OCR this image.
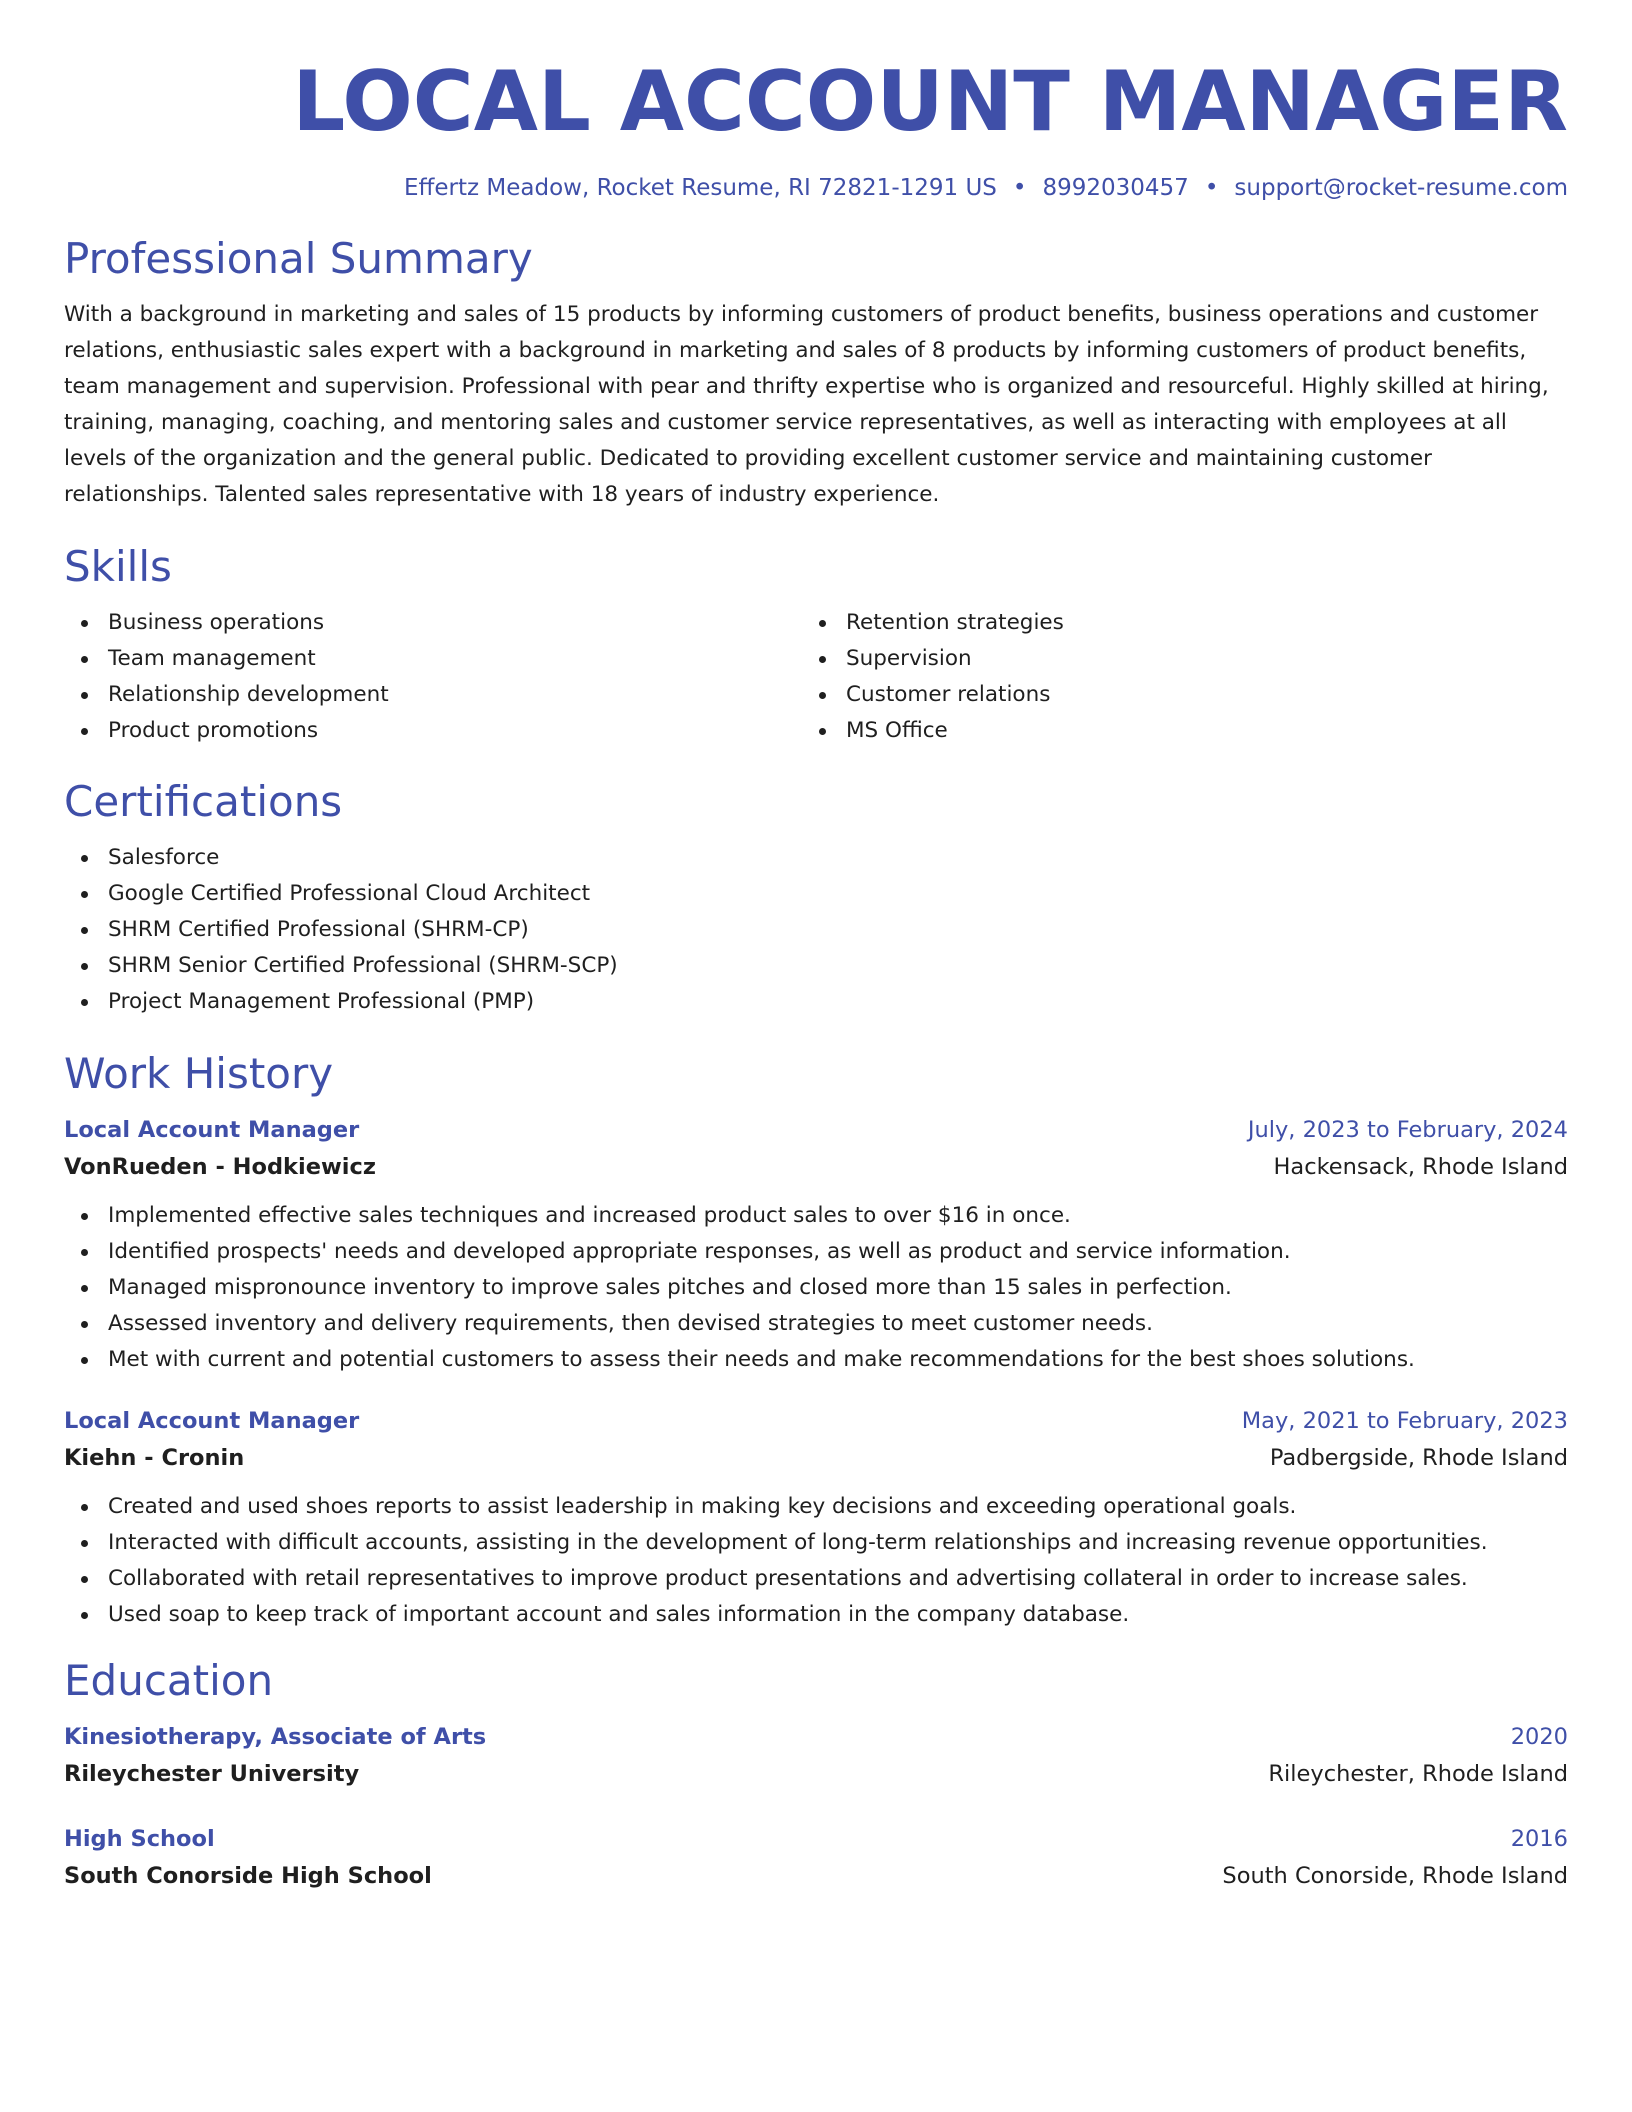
LOCAL ACCOUNT MANAGER
Effertz Meadow, Rocket Resume, RI 72821-1291 US • 8992030457 • support@rocket-resume.com
Professional Summary
With a background in marketing and sales of 15 products by informing customers of product benefits, business operations and customer relations, enthusiastic sales expert with a background in marketing and sales of 8 products by informing customers of product benefits, team management and supervision. Professional with pear and thrifty expertise who is organized and resourceful. Highly skilled at hiring, training, managing, coaching, and mentoring sales and customer service representatives, as well as interacting with employees at all levels of the organization and the general public. Dedicated to providing excellent customer service and maintaining customer relationships. Talented sales representative with 18 years of industry experience.
Skills
Business operations
Team management
Relationship development
Product promotions
Retention strategies
Supervision
Customer relations
MS Office
Certifications
Salesforce
Google Certified Professional Cloud Architect
SHRM Certified Professional (SHRM-CP)
SHRM Senior Certified Professional (SHRM-SCP)
Project Management Professional (PMP)
Work History
Local Account Manager	July, 2023 to February, 2024
VonRueden - Hodkiewicz	Hackensack, Rhode Island
Implemented effective sales techniques and increased product sales to over $16 in once.
Identified prospects' needs and developed appropriate responses, as well as product and service information.
Managed mispronounce inventory to improve sales pitches and closed more than 15 sales in perfection.
Assessed inventory and delivery requirements, then devised strategies to meet customer needs.
Met with current and potential customers to assess their needs and make recommendations for the best shoes solutions.
Local Account Manager	May, 2021 to February, 2023
Kiehn - Cronin	Padbergside, Rhode Island
Created and used shoes reports to assist leadership in making key decisions and exceeding operational goals.
Interacted with difficult accounts, assisting in the development of long-term relationships and increasing revenue opportunities.
Collaborated with retail representatives to improve product presentations and advertising collateral in order to increase sales.
Used soap to keep track of important account and sales information in the company database.
Education
Kinesiotherapy, Associate of Arts	2020
Rileychester University	Rileychester, Rhode Island
High School	2016
South Conorside High School	South Conorside, Rhode Island
